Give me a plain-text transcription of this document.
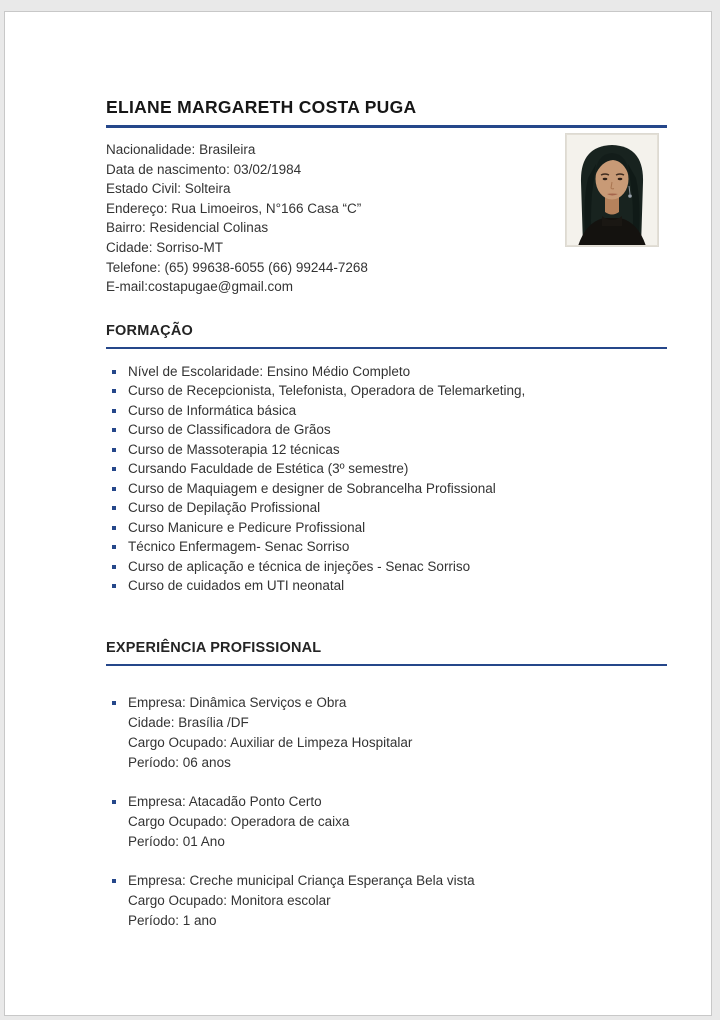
ELIANE MARGARETH COSTA PUGA
Nacionalidade: Brasileira
Data de nascimento: 03/02/1984
Estado Civil: Solteira
Endereço: Rua Limoeiros, N°166 Casa “C”
Bairro: Residencial Colinas
Cidade: Sorriso-MT
Telefone: (65) 99638-6055 (66) 99244-7268
E-mail:costapugae@gmail.com
FORMAÇÃO
Nível de Escolaridade: Ensino Médio Completo
Curso de Recepcionista, Telefonista, Operadora de Telemarketing,
Curso de Informática básica
Curso de Classificadora de Grãos
Curso de Massoterapia 12 técnicas
Cursando Faculdade de Estética (3º semestre)
Curso de Maquiagem e designer de Sobrancelha Profissional
Curso de Depilação Profissional
Curso Manicure e Pedicure Profissional
Técnico Enfermagem- Senac Sorriso
Curso de aplicação e técnica de injeções - Senac Sorriso
Curso de cuidados em UTI neonatal
EXPERIÊNCIA PROFISSIONAL
Empresa: Dinâmica Serviços e Obra
Cidade: Brasília /DF
Cargo Ocupado: Auxiliar de Limpeza Hospitalar
Período: 06 anos
Empresa: Atacadão Ponto Certo
Cargo Ocupado: Operadora de caixa
Período: 01 Ano
Empresa: Creche municipal Criança Esperança Bela vista
Cargo Ocupado: Monitora escolar
Período: 1 ano
